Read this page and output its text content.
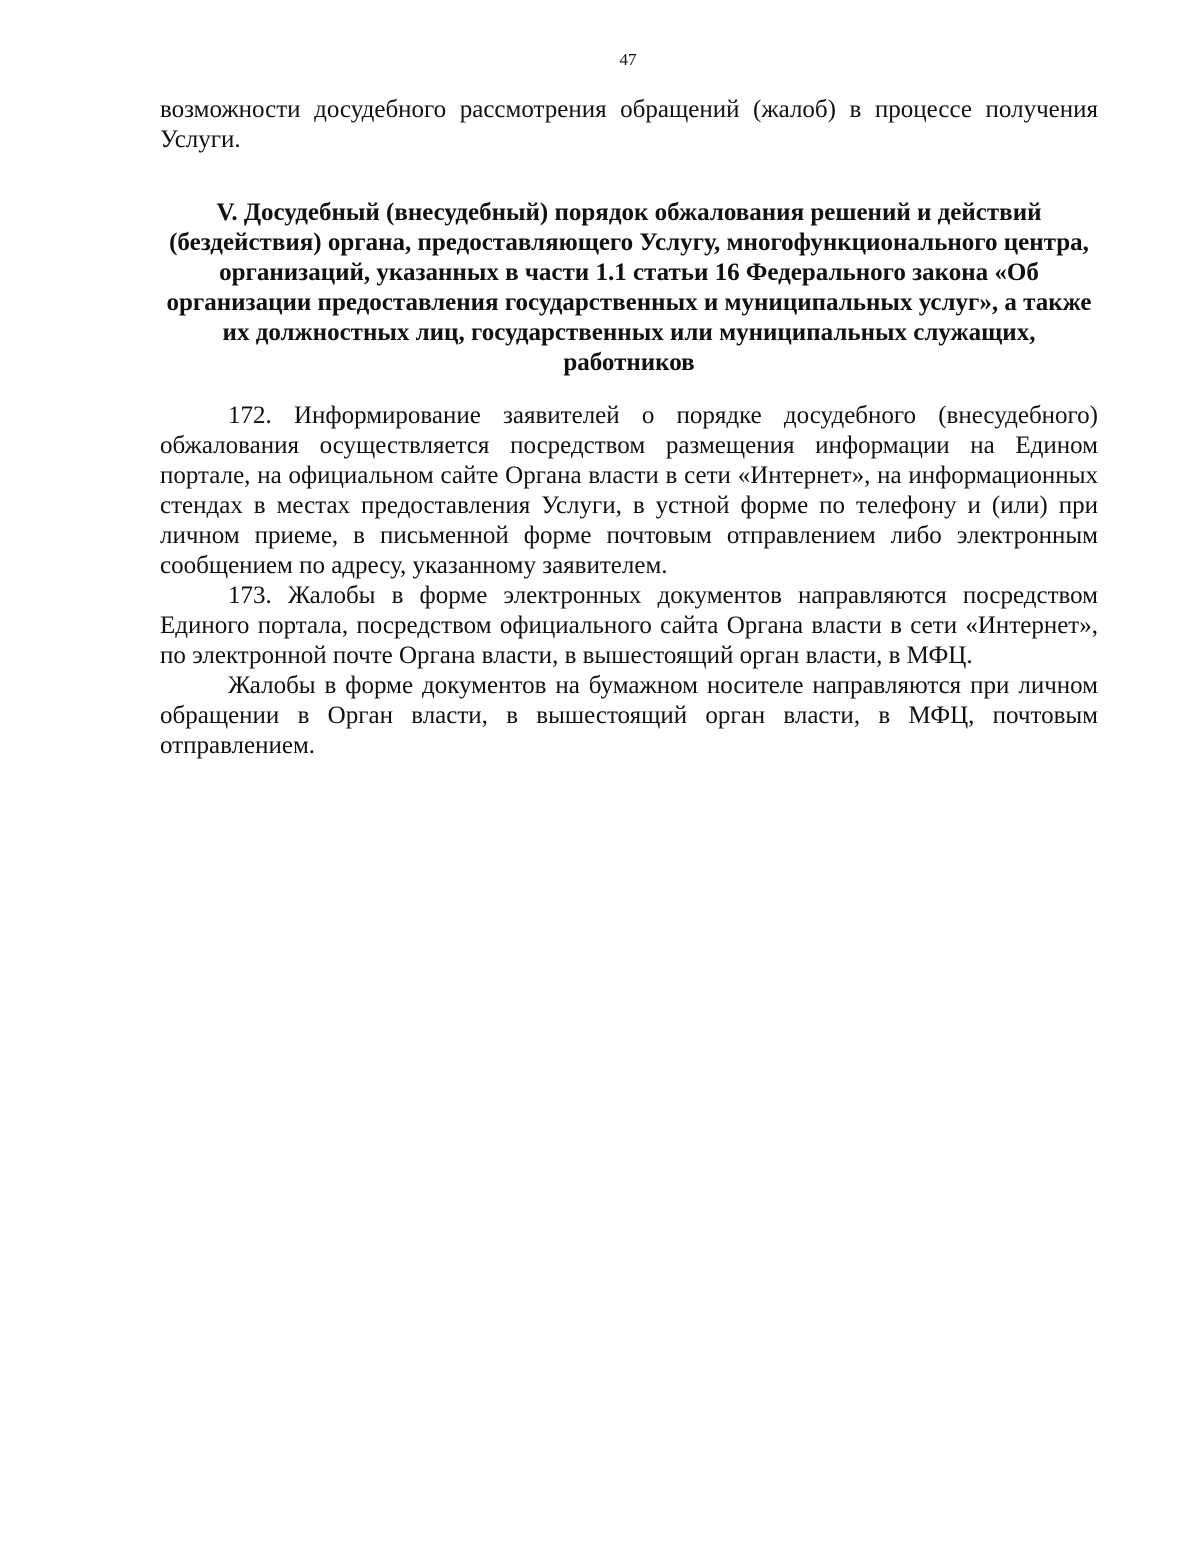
47

возможности досудебного рассмотрения обращений (жалоб) в процессе получения Услуги.

V. Досудебный (внесудебный) порядок обжалования решений и действий (бездействия) органа, предоставляющего Услугу, многофункционального центра, организаций, указанных в части 1.1 статьи 16 Федерального закона «Об организации предоставления государственных и муниципальных услуг», а также их должностных лиц, государственных или муниципальных служащих, работников

172. Информирование заявителей о порядке досудебного (внесудебного) обжалования осуществляется посредством размещения информации на Едином портале, на официальном сайте Органа власти в сети «Интернет», на информационных стендах в местах предоставления Услуги, в устной форме по телефону и (или) при личном приеме, в письменной форме почтовым отправлением либо электронным сообщением по адресу, указанному заявителем.

173. Жалобы в форме электронных документов направляются посредством Единого портала, посредством официального сайта Органа власти в сети «Интернет», по электронной почте Органа власти, в вышестоящий орган власти, в МФЦ.

Жалобы в форме документов на бумажном носителе направляются при личном обращении в Орган власти, в вышестоящий орган власти, в МФЦ, почтовым отправлением.
